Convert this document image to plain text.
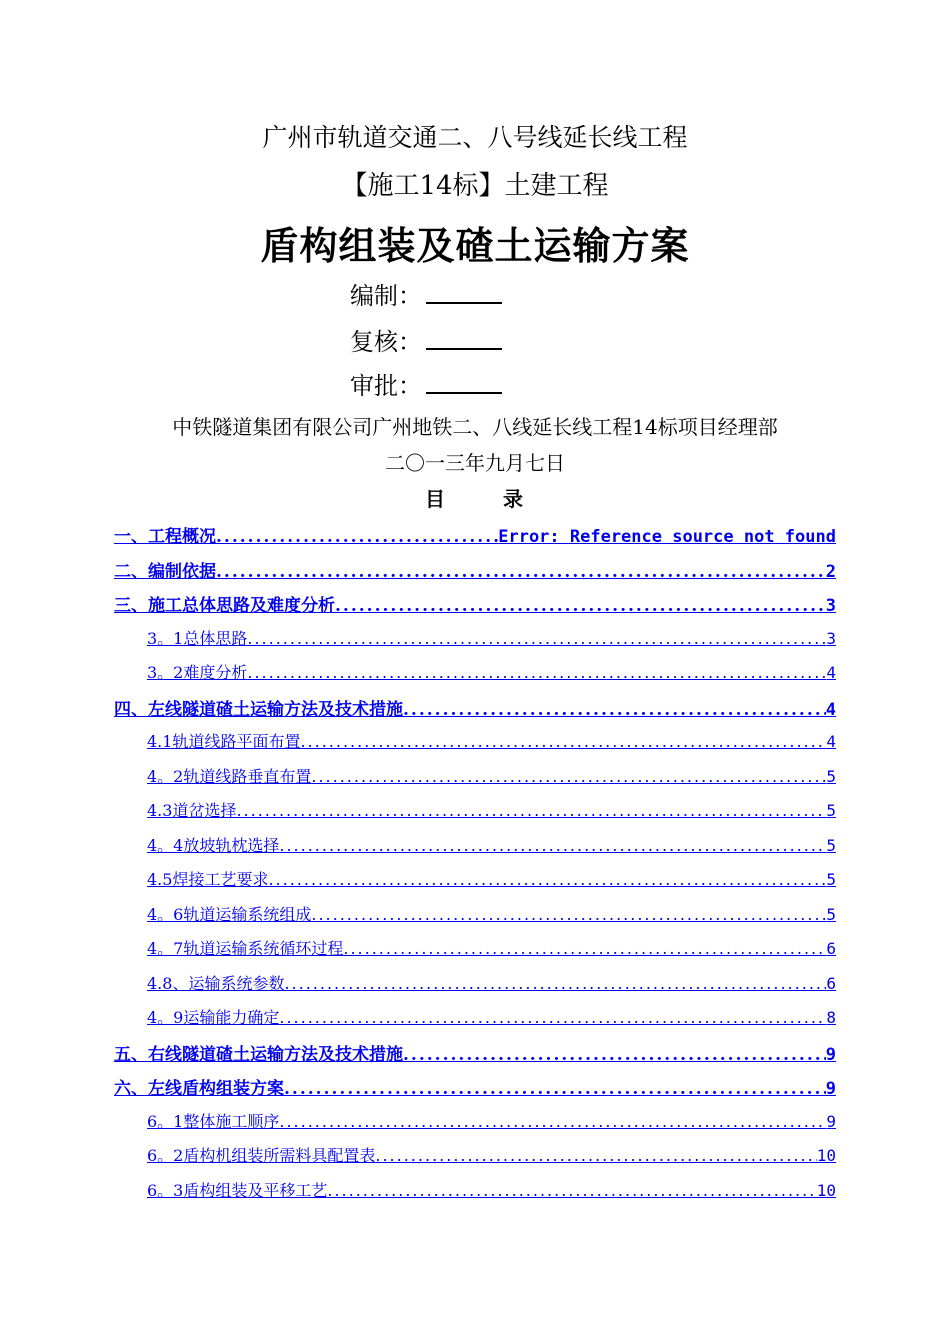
广州市轨道交通二、八号线延长线工程
【施工14标】土建工程
盾构组装及碴土运输方案
编制：
复核：
审批：
中铁隧道集团有限公司广州地铁二、八线延长线工程14标项目经理部
二〇一三年九月七日
目	录
一、工程概况 .....	Error: Reference source not found
二、编制依据 .....	2
三、施工总体思路及难度分析 .....	3
3。1总体思路 .....	3
3。2难度分析 .....	4
四、左线隧道碴土运输方法及技术措施 .....	4
4.1轨道线路平面布置 .....	4
4。2轨道线路垂直布置 .....	5
4.3道岔选择 .....	5
4。4放坡轨枕选择 .....	5
4.5焊接工艺要求 .....	5
4。6轨道运输系统组成 .....	5
4。7轨道运输系统循环过程 .....	6
4.8、运输系统参数 .....	6
4。9运输能力确定 .....	8
五、右线隧道碴土运输方法及技术措施 .....	9
六、左线盾构组装方案 .....	9
6。1整体施工顺序 .....	9
6。2盾构机组装所需料具配置表 .....	10
6。3盾构组装及平移工艺 .....	10
